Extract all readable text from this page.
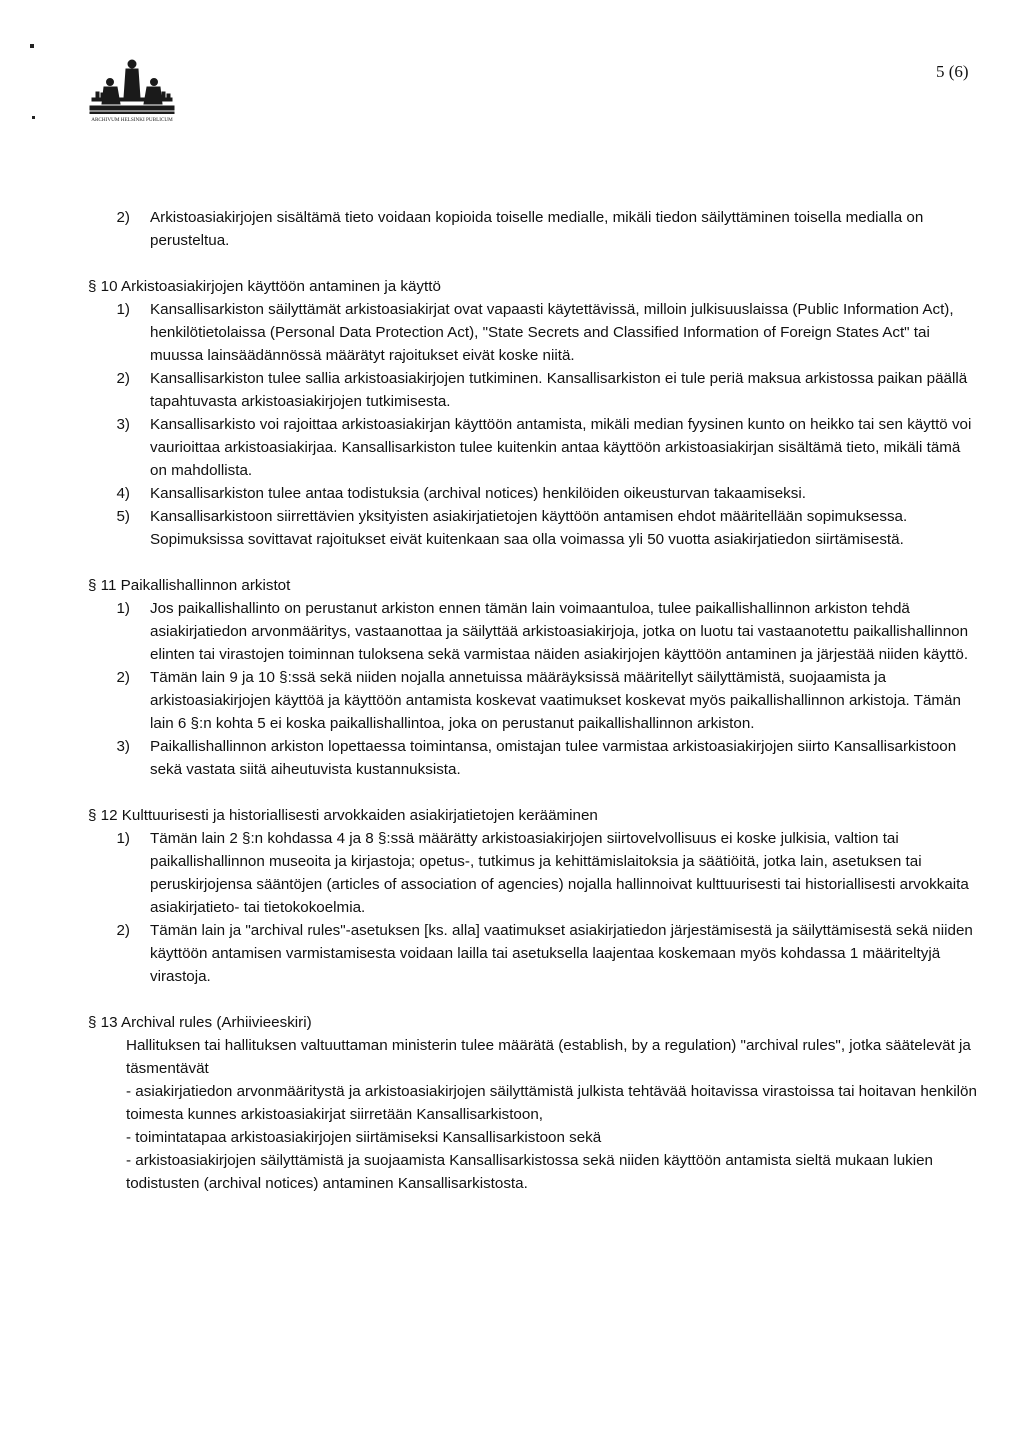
ARCHIVUM HELSINKI PUBLICUM
5 (6)
2)	Arkistoasiakirjojen sisältämä tieto voidaan kopioida toiselle medialle, mikäli tiedon säilyttäminen toisella medialla on perusteltua.
§ 10 Arkistoasiakirjojen käyttöön antaminen ja käyttö
1)	Kansallisarkiston säilyttämät arkistoasiakirjat ovat vapaasti käytettävissä, milloin julkisuuslaissa (Public Information Act), henkilötietolaissa (Personal Data Protection Act), "State Secrets and Classified Information of Foreign States Act" tai muussa lainsäädännössä määrätyt rajoitukset eivät koske niitä.
2)	Kansallisarkiston tulee sallia arkistoasiakirjojen tutkiminen. Kansallisarkiston ei tule periä maksua arkistossa paikan päällä tapahtuvasta arkistoasiakirjojen tutkimisesta.
3)	Kansallisarkisto voi rajoittaa arkistoasiakirjan käyttöön antamista, mikäli median fyysinen kunto on heikko tai sen käyttö voi vaurioittaa arkistoasiakirjaa. Kansallisarkiston tulee kuitenkin antaa käyttöön arkistoasiakirjan sisältämä tieto, mikäli tämä on mahdollista.
4)	Kansallisarkiston tulee antaa todistuksia (archival notices) henkilöiden oikeusturvan takaamiseksi.
5)	Kansallisarkistoon siirrettävien yksityisten asiakirjatietojen käyttöön antamisen ehdot määritellään sopimuksessa. Sopimuksissa sovittavat rajoitukset eivät kuitenkaan saa olla voimassa yli 50 vuotta asiakirjatiedon siirtämisestä.
§ 11 Paikallishallinnon arkistot
1)	Jos paikallishallinto on perustanut arkiston ennen tämän lain voimaantuloa, tulee paikallishallinnon arkiston tehdä asiakirjatiedon arvonmääritys, vastaanottaa ja säilyttää arkistoasiakirjoja, jotka on luotu tai vastaanotettu paikallishallinnon elinten tai virastojen toiminnan tuloksena sekä varmistaa näiden asiakirjojen käyttöön antaminen ja järjestää niiden käyttö.
2)	Tämän lain 9 ja 10 §:ssä sekä niiden nojalla annetuissa määräyksissä määritellyt säilyttämistä, suojaamista ja arkistoasiakirjojen käyttöä ja käyttöön antamista koskevat vaatimukset koskevat myös paikallishallinnon arkistoja. Tämän lain 6 §:n kohta 5 ei koska paikallishallintoa, joka on perustanut paikallishallinnon arkiston.
3)	Paikallishallinnon arkiston lopettaessa toimintansa, omistajan tulee varmistaa arkistoasiakirjojen siirto Kansallisarkistoon sekä vastata siitä aiheutuvista kustannuksista.
§ 12 Kulttuurisesti ja historiallisesti arvokkaiden asiakirjatietojen kerääminen
1)	Tämän lain 2 §:n kohdassa 4 ja 8 §:ssä määrätty arkistoasiakirjojen siirtovelvollisuus ei koske julkisia, valtion tai paikallishallinnon museoita ja kirjastoja; opetus-, tutkimus ja kehittämislaitoksia ja säätiöitä, jotka lain, asetuksen tai peruskirjojensa sääntöjen (articles of association of agencies) nojalla hallinnoivat kulttuurisesti tai historiallisesti arvokkaita asiakirjatieto- tai tietokokoelmia.
2)	Tämän lain ja "archival rules"-asetuksen [ks. alla] vaatimukset asiakirjatiedon järjestämisestä ja säilyttämisestä sekä niiden käyttöön antamisen varmistamisesta voidaan lailla tai asetuksella laajentaa koskemaan myös kohdassa 1 määriteltyjä virastoja.
§ 13 Archival rules (Arhiivieeskiri)
Hallituksen tai hallituksen valtuuttaman ministerin tulee määrätä (establish, by a regulation) "archival rules", jotka säätelevät ja täsmentävät
- asiakirjatiedon arvonmääritystä ja arkistoasiakirjojen säilyttämistä julkista tehtävää hoitavissa virastoissa tai hoitavan henkilön toimesta kunnes arkistoasiakirjat siirretään Kansallisarkistoon,
- toimintatapaa arkistoasiakirjojen siirtämiseksi Kansallisarkistoon sekä
- arkistoasiakirjojen säilyttämistä ja suojaamista Kansallisarkistossa sekä niiden käyttöön antamista sieltä mukaan lukien todistusten (archival notices) antaminen Kansallisarkistosta.
